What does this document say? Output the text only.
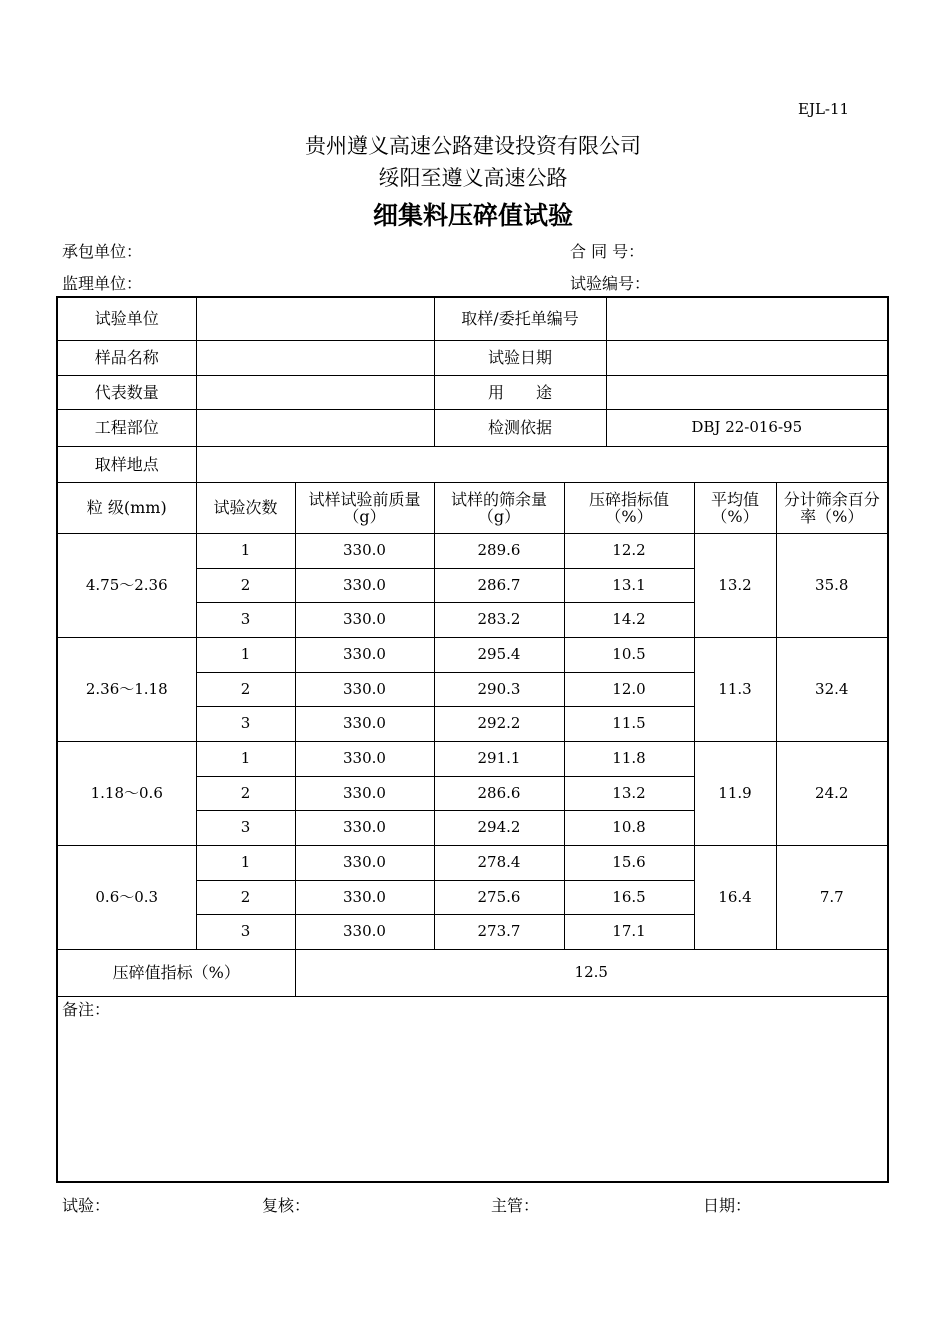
EJL-11
贵州遵义高速公路建设投资有限公司
绥阳至遵义高速公路
细集料压碎值试验
承包单位：	合 同 号：
监理单位：	试验编号：
试验单位			取样/委托单编号				
样品名称			试验日期				
代表数量			用　　途				
工程部位			检测依据		DBJ 22-016-95		
取样地点							
粒 级(mm)	试验次数	试样试验前质量（g）	试样的筛余量（g）	压碎指标值（%）		平均值（%）	分计筛余百分率（%）
4.75～2.36	1	330.0	289.6	12.2		13.2	35.8
	2	330.0	286.7	13.1			
	3	330.0	283.2	14.2			
2.36～1.18	1	330.0	295.4	10.5		11.3	32.4
	2	330.0	290.3	12.0			
	3	330.0	292.2	11.5			
1.18～0.6	1	330.0	291.1	11.8		11.9	24.2
	2	330.0	286.6	13.2			
	3	330.0	294.2	10.8			
0.6～0.3	1	330.0	278.4	15.6		16.4	7.7
	2	330.0	275.6	16.5			
	3	330.0	273.7	17.1			
压碎值指标（%）		12.5					
备注：							
试验：	复核：	主管：	日期：
